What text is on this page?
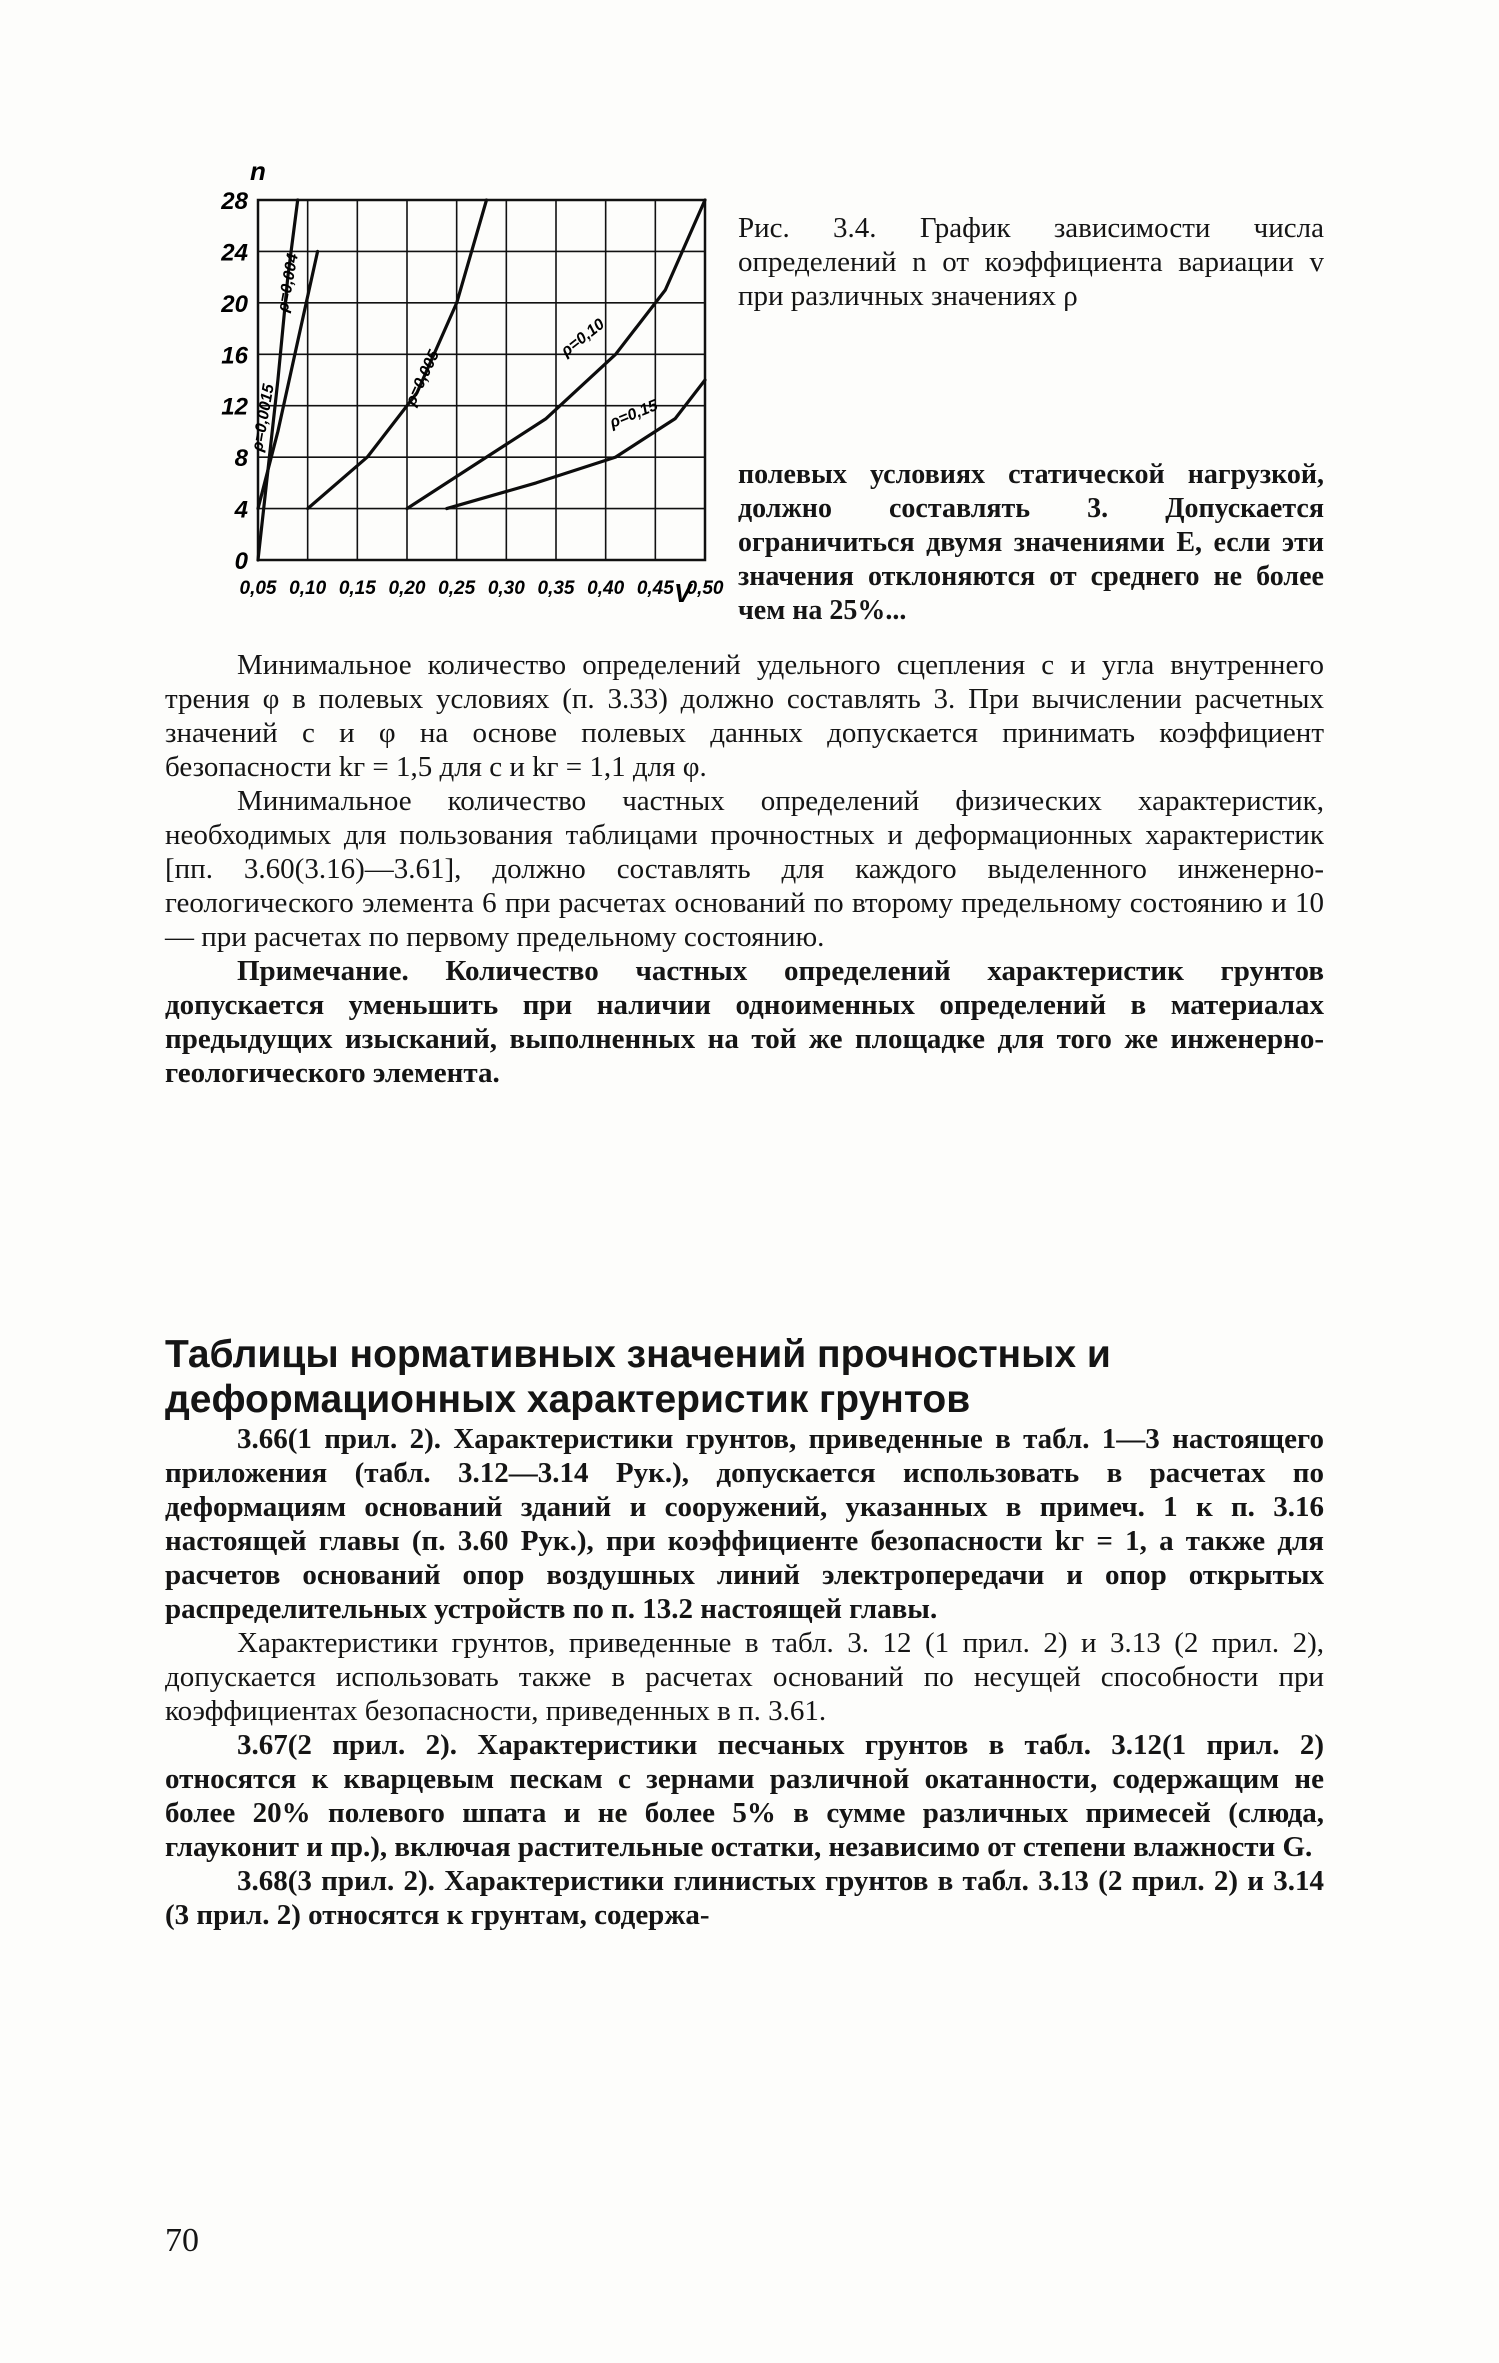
0
4
8
12
16
20
24
28
0,05 0,10 0,15 0,20 0,25 0,30 0,35 0,40 0,45 0,50
ρ=0,004
ρ=0,0015
ρ=0,005
ρ=0,10
ρ=0,15
n
V

Рис. 3.4. График зависимости числа определений n от коэффициента вариации v при различных значениях ρ

полевых условиях статической нагрузкой, должно составлять 3. Допускается ограничиться двумя значениями E, если эти значения отклоняются от среднего не более чем на 25%...

Минимальное количество определений удельного сцепления c и угла внутреннего трения φ в полевых условиях (п. 3.33) должно составлять 3. При вычислении расчетных значений c и φ на основе полевых данных допускается принимать коэффициент безопасности kг = 1,5 для c и kг = 1,1 для φ.

Минимальное количество частных определений физических характеристик, необходимых для пользования таблицами прочностных и деформационных характеристик [пп. 3.60(3.16)—3.61], должно составлять для каждого выделенного инженерно-геологического элемента 6 при расчетах оснований по второму предельному состоянию и 10 — при расчетах по первому предельному состоянию.

Примечание. Количество частных определений характеристик грунтов допускается уменьшить при наличии одноименных определений в материалах предыдущих изысканий, выполненных на той же площадке для того же инженерно-геологического элемента.

Таблицы нормативных значений прочностных и деформационных характеристик грунтов

3.66(1 прил. 2). Характеристики грунтов, приведенные в табл. 1—3 настоящего приложения (табл. 3.12—3.14 Рук.), допускается использовать в расчетах по деформациям оснований зданий и сооружений, указанных в примеч. 1 к п. 3.16 настоящей главы (п. 3.60 Рук.), при коэффициенте безопасности kг = 1, а также для расчетов оснований опор воздушных линий электропередачи и опор открытых распределительных устройств по п. 13.2 настоящей главы.

Характеристики грунтов, приведенные в табл. 3. 12 (1 прил. 2) и 3.13 (2 прил. 2), допускается использовать также в расчетах оснований по несущей способности при коэффициентах безопасности, приведенных в п. 3.61.

3.67(2 прил. 2). Характеристики песчаных грунтов в табл. 3.12(1 прил. 2) относятся к кварцевым пескам с зернами различной окатанности, содержащим не более 20% полевого шпата и не более 5% в сумме различных примесей (слюда, глауконит и пр.), включая растительные остатки, независимо от степени влажности G.

3.68(3 прил. 2). Характеристики глинистых грунтов в табл. 3.13 (2 прил. 2) и 3.14 (3 прил. 2) относятся к грунтам, содержа-

70
